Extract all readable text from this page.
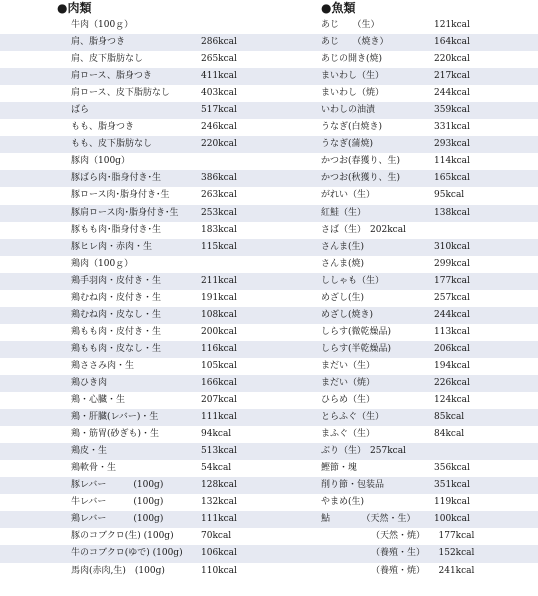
●肉類
牛肉（100ｇ）
肩、脂身つき	286kcal
肩、皮下脂肪なし	265kcal
肩ロース、脂身つき	411kcal
肩ロース、皮下脂肪なし	403kcal
ばら	517kcal
もも、脂身つき	246kcal
もも、皮下脂肪なし	220kcal
豚肉（100g）
豚ばら肉･脂身付き･生	386kcal
豚ロース肉･脂身付き･生	263kcal
豚肩ロース肉･脂身付き･生 253kcal
豚もも肉･脂身付き･生	183kcal
豚ヒレ肉・赤肉・生	115kcal
鶏肉（100ｇ）
鶏手羽肉・皮付き・生	211kcal
鶏むね肉・皮付き・生	191kcal
鶏むね肉・皮なし・生	108kcal
鶏もも肉・皮付き・生	200kcal
鶏もも肉・皮なし・生	116kcal
鶏ささみ肉・生	105kcal
鶏ひき肉	166kcal
鶏・心臓・生	207kcal
鶏・肝臓(レバー)・生	111kcal
鶏・筋胃(砂ぎも)・生	94kcal
鶏皮・生	513kcal
鶏軟骨・生	54kcal
豚レバー　　　(100g)	128kcal
牛レバー　　　(100g)	132kcal
鶏レバー　　　(100g)	111kcal
豚のコブクロ(生) (100g)	70kcal
牛のコブクロ(ゆで) (100g) 106kcal
馬肉(赤肉,生)　(100g)	110kcal
●魚類
あじ　　（生）	121kcal
あじ　　（焼き）	164kcal
あじの開き(焼)	220kcal
まいわし（生）	217kcal
まいわし（焼）	244kcal
いわしの油漬	359kcal
うなぎ(白焼き)	331kcal
うなぎ(蒲焼)	293kcal
かつお(春獲り、生)	114kcal
かつお(秋獲り、生)	165kcal
がれい（生）	95kcal
紅鮭（生）	138kcal
さば（生） 202kcal
さんま(生)	310kcal
さんま(焼)	299kcal
ししゃも（生）	177kcal
めざし(生)	257kcal
めざし(焼き)	244kcal
しらす(微乾燥品)	113kcal
しらす(半乾燥品)	206kcal
まだい（生）	194kcal
まだい（焼）	226kcal
ひらめ（生）	124kcal
とらふぐ（生）	85kcal
まふぐ（生）	84kcal
ぶり（生） 257kcal
鰹節・塊	356kcal
削り節・包装品	351kcal
やまめ(生)	119kcal
鮎　　　　（天然・生） 100kcal
（天然・焼）　　177kcal
（養殖・生）　　152kcal
（養殖・焼）　　241kcal
